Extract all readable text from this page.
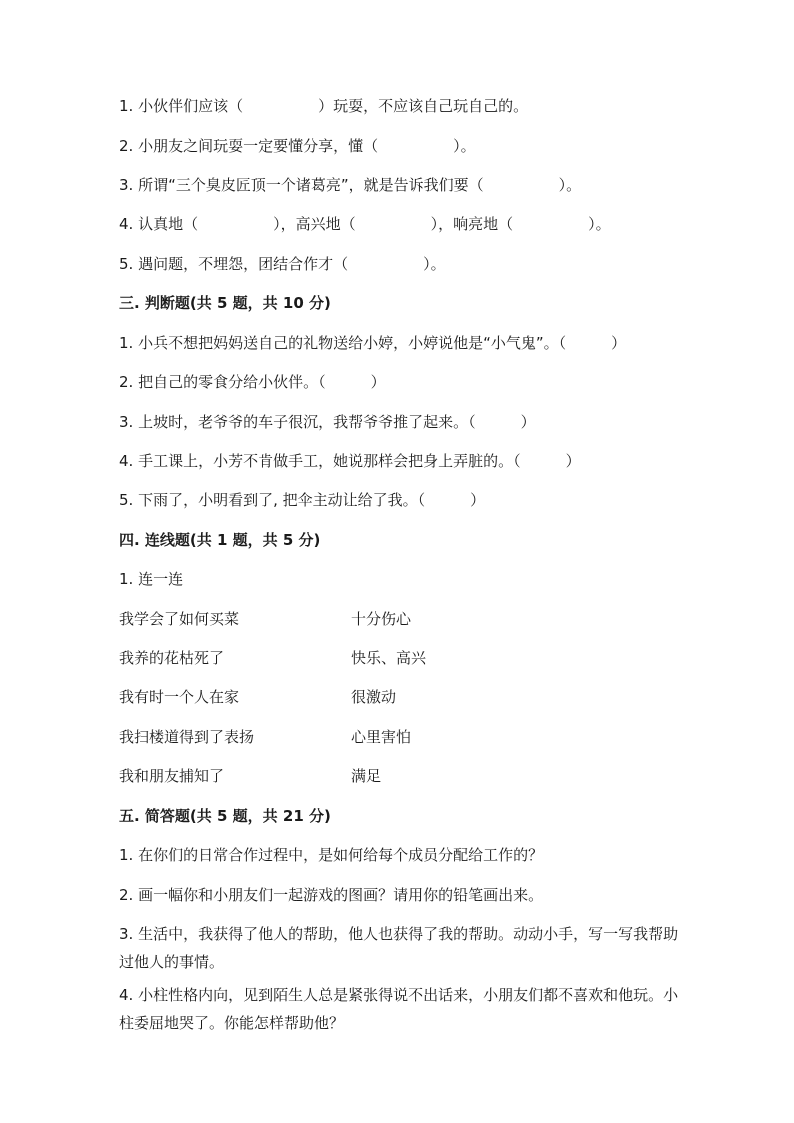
1. 小伙伴们应该（　　　　　）玩耍，不应该自己玩自己的。
2. 小朋友之间玩耍一定要懂分享，懂（　　　　　）。
3. 所谓“三个臭皮匠顶一个诸葛亮”，就是告诉我们要（　　　　　）。
4. 认真地（　　　　　），高兴地（　　　　　），响亮地（　　　　　）。
5. 遇问题，不埋怨，团结合作才（　　　　　）。
三. 判断题(共 5 题，共 10 分)
1. 小兵不想把妈妈送自己的礼物送给小婷，小婷说他是“小气鬼”。（　　　）
2. 把自己的零食分给小伙伴。（　　　）
3. 上坡时，老爷爷的车子很沉，我帮爷爷推了起来。（　　　）
4. 手工课上，小芳不肯做手工，她说那样会把身上弄脏的。（　　　）
5. 下雨了，小明看到了, 把伞主动让给了我。（　　　）
四. 连线题(共 1 题，共 5 分)
1. 连一连
我学会了如何买菜	十分伤心
我养的花枯死了	快乐、高兴
我有时一个人在家	很激动
我扫楼道得到了表扬	心里害怕
我和朋友捕知了	满足
五. 简答题(共 5 题，共 21 分)
1. 在你们的日常合作过程中，是如何给每个成员分配给工作的？
2. 画一幅你和小朋友们一起游戏的图画？请用你的铅笔画出来。
3. 生活中，我获得了他人的帮助，他人也获得了我的帮助。动动小手，写一写我帮助过他人的事情。
4. 小柱性格内向，见到陌生人总是紧张得说不出话来，小朋友们都不喜欢和他玩。小柱委屈地哭了。你能怎样帮助他？
